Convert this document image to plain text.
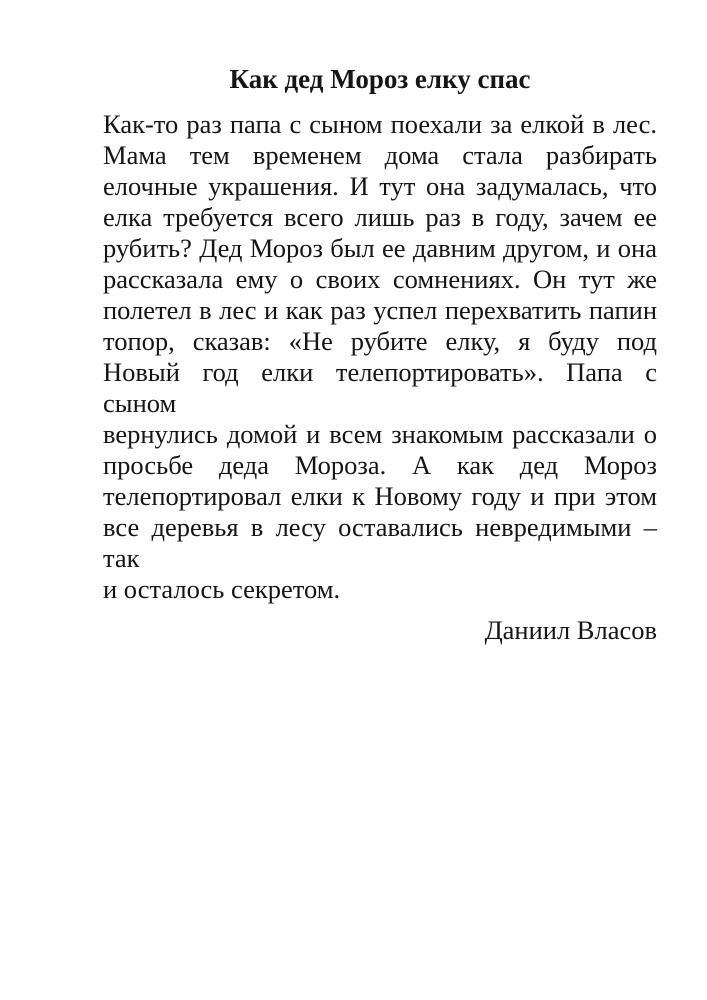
Как дед Мороз елку спас
Как-то раз папа с сыном поехали за елкой в лес.
Мама тем временем дома стала разбирать
елочные украшения. И тут она задумалась, что
елка требуется всего лишь раз в году, зачем ее
рубить? Дед Мороз был ее давним другом, и она
рассказала ему о своих сомнениях. Он тут же
полетел в лес и как раз успел перехватить папин
топор, сказав: «Не рубите елку, я буду под
Новый год елки телепортировать». Папа с сыном
вернулись домой и всем знакомым рассказали о
просьбе деда Мороза. А как дед Мороз
телепортировал елки к Новому году и при этом
все деревья в лесу оставались невредимыми – так
и осталось секретом.
Даниил Власов
